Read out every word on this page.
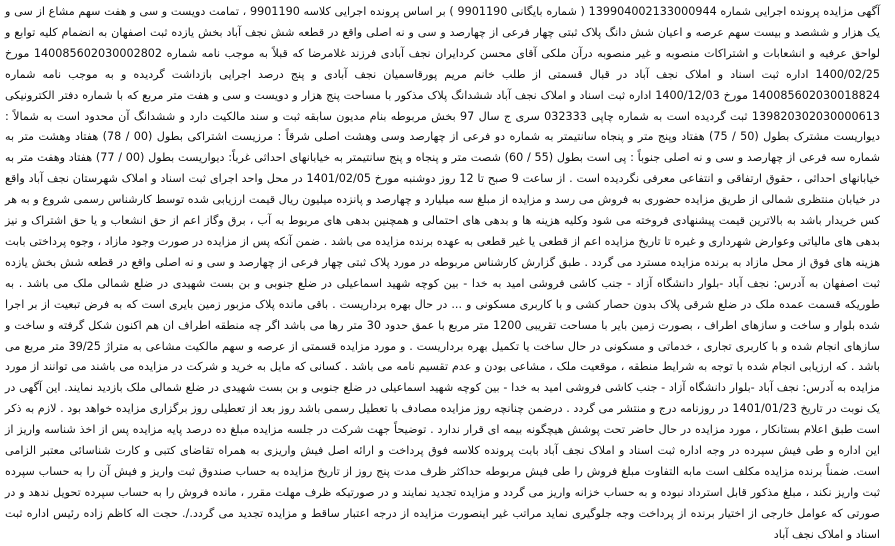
آگهی مزایده پرونده اجرایی شماره 139904002133000944 ( شماره بایگانی 9901190 ) بر اساس پرونده اجرایی کلاسه 9901190 ، تمامت دویست و سی و هفت سهم مشاع از سی و یک هزار و ششصد و بیست سهم عرصه و اعیان شش دانگ پلاک ثبتی چهار فرعی از چهارصد و سی و نه اصلی واقع در قطعه شش نجف آباد بخش یازده ثبت اصفهان به انضمام کلیه توابع و لواحق عرفیه و انشعابات و اشتراکات منصوبه و غیر منصوبه درآن ملکی آقای محسن کردایران نجف آبادی فرزند غلامرضا که قبلاً به موجب نامه شماره 140085602030002802 مورخ 1400/02/25 اداره ثبت اسناد و املاک نجف آباد در قبال قسمتی از طلب خانم مریم پورقاسمیان نجف آبادی و پنج درصد اجرایی بازداشت گردیده و به موجب نامه شماره 140085602030018824 مورخ 1400/12/03 اداره ثبت اسناد و املاک نجف آباد ششدانگ پلاک مذکور با مساحت پنج هزار و دویست و سی و هفت متر مربع که با شماره دفتر الکترونیکی 139820302030000613 ثبت گردیده است به شماره چاپی 032333 سری ج سال 97 بخش مربوطه بنام مدیون سابقه ثبت و سند مالکیت دارد و ششدانگ آن محدود است به شمالاً : دیواریست مشترک بطول (50 / 75) هفتاد وپنج متر و پنجاه سانتیمتر به شماره دو فرعی از چهارصد وسی وهشت اصلی شرقاً : مرزیست اشتراکی بطول (00 / 78) هفتاد وهشت متر به شماره سه فرعی از چهارصد و سی و نه اصلی جنوباً : پی است بطول (55 / 60) شصت متر و پنجاه و پنج سانتیمتر به خیابانهای احداثی غرباً: دیواریست بطول (00 / 77) هفتاد وهفت متر به خیابانهای احداثی ، حقوق ارتفاقی و انتفاعی معرفی نگردیده است . از ساعت 9 صبح تا 12 روز دوشنبه مورخ 1401/02/05 در محل واحد اجرای ثبت اسناد و املاک شهرستان نجف آباد واقع در خیابان منتظری شمالی از طریق مزایده حضوری به فروش می رسد و مزایده از مبلغ سه میلیارد و چهارصد و پانزده میلیون ریال قیمت ارزیابی شده توسط کارشناس رسمی شروع و به هر کس خریدار باشد به بالاترین قیمت پیشنهادی فروخته می شود وکلیه هزینه ها و بدهی های احتمالی و همچنین بدهی های مربوط به آب ، برق وگاز اعم از حق انشعاب و یا حق اشتراک و نیز بدهی های مالیاتی وعوارض شهرداری و غیره تا تاریخ مزایده اعم از قطعی یا غیر قطعی به عهده برنده مزایده می باشد . ضمن آنکه پس از مزایده در صورت وجود مازاد ، وجوه پرداختی بابت هزینه های فوق از محل مازاد به برنده مزایده مسترد می گردد . طبق گزارش کارشناس مربوطه در مورد پلاک ثبتی چهار فرعی از چهارصد و سی و نه اصلی واقع در قطعه شش بخش یازده ثبت اصفهان به آدرس: نجف آباد -بلوار دانشگاه آزاد - جنب کاشی فروشی امید به خدا - بین کوچه شهید اسماعیلی در ضلع جنوبی و بن بست شهیدی در ضلع شمالی ملک می باشد . به طوریکه قسمت عمده ملک در ضلع شرقی پلاک بدون حصار کشی و با کاربری مسکونی و ... در حال بهره برداریست . باقی مانده پلاک مزبور زمین بایری است که به فرض تبعیت از بر اجرا شده بلوار و ساخت و سازهای اطراف ، بصورت زمین بایر با مساحت تقریبی 1200 متر مربع با عمق حدود 30 متر رها می باشد اگر چه منطقه اطراف ان هم اکنون شکل گرفته و ساخت و سازهای انجام شده و با کاربری تجاری ، خدماتی و مسکونی در حال ساخت یا تکمیل بهره برداریست . و مورد مزایده قسمتی از عرصه و سهم مالکیت مشاعی به متراژ 39/25 متر مربع می باشد . که ارزیابی انجام شده با توجه به شرایط منطقه ، موقعیت ملک ، مشاعی بودن و عدم تقسیم نامه می باشد . کسانی که مایل به خرید و شرکت در مزایده می باشند می توانند از مورد مزایده به آدرس: نجف آباد -بلوار دانشگاه آزاد - جنب کاشی فروشی امید به خدا - بین کوچه شهید اسماعیلی در ضلع جنوبی و بن بست شهیدی در ضلع شمالی ملک بازدید نمایند. این آگهی در یک نوبت در تاریخ 1401/01/23 در روزنامه درج و منتشر می گردد . درضمن چنانچه روز مزایده مصادف با تعطیل رسمی باشد روز بعد از تعطیلی روز برگزاری مزایده خواهد بود . لازم به ذکر است طبق اعلام بستانکار ، مورد مزایده در حال حاضر تحت پوشش هیچگونه بیمه ای قرار ندارد . توضیحاً جهت شرکت در جلسه مزایده مبلغ ده درصد پایه مزایده پس از اخذ شناسه واریز از این اداره و طی فیش سپرده در وجه اداره ثبت اسناد و املاک نجف آباد بابت پرونده کلاسه فوق پرداخت و ارائه اصل فیش واریزی به همراه تقاضای کتبی و کارت شناسائی معتبر الزامی است. ضمناً برنده مزایده مکلف است مابه التفاوت مبلغ فروش را طی فیش مربوطه حداکثر ظرف مدت پنج روز از تاریخ مزایده به حساب صندوق ثبت واریز و فیش آن را به حساب سپرده ثبت واریز نکند ، مبلغ مذکور قابل استرداد نبوده و به حساب خزانه واریز می گردد و مزایده تجدید نمایند و در صورتیکه ظرف مهلت مقرر ، مانده فروش را به حساب سپرده تحویل ندهد و در صورتی که عوامل خارجی از اختیار برنده از پرداخت وجه جلوگیری نماید مراتب غیر اینصورت مزایده از درجه اعتبار ساقط و مزایده تجدید می گردد./. حجت اله کاظم زاده رئیس اداره ثبت اسناد و املاک نجف آباد
